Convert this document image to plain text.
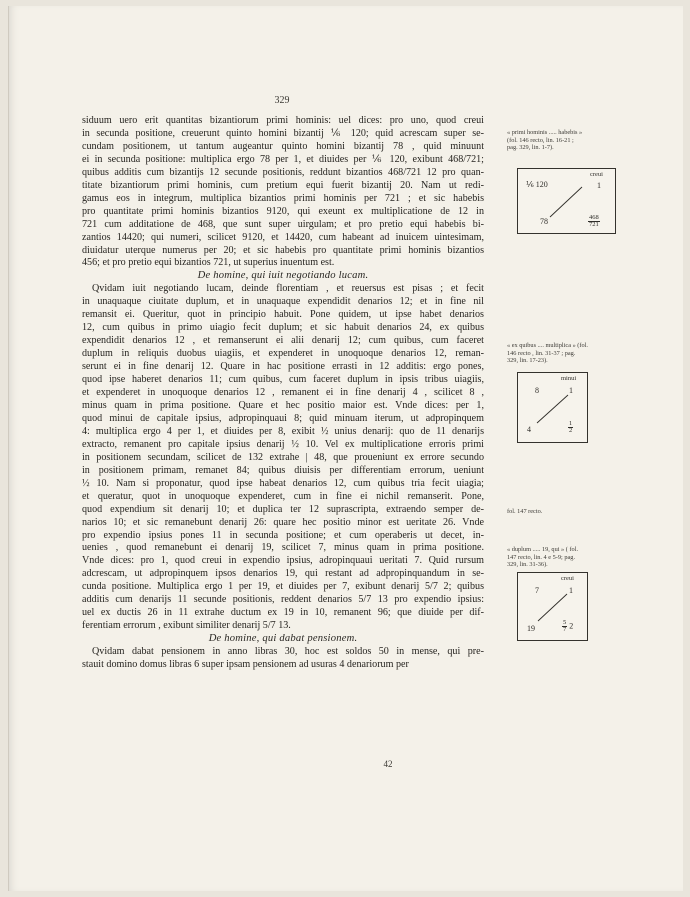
329
siduum uero erit quantitas bizantiorum primi hominis: uel dices: pro uno, quod creui
in secunda positione, creuerunt quinto homini bizantij ⅙ 120; quid acrescam super se-
cundam positionem, ut tantum augeantur quinto homini bizantij 78 , quid minuunt
ei in secunda positione: multiplica ergo 78 per 1, et diuides per ⅙ 120, exibunt 468/721;
quibus additis cum bizantijs 12 secunde positionis, reddunt bizantios 468/721 12 pro quan-
titate bizantiorum primi hominis, cum pretium equi fuerit bizantij 20. Nam ut redi-
gamus eos in integrum, multiplica bizantios primi hominis per 721 ; et sic habebis
pro quantitate primi hominis bizantios 9120, qui exeunt ex multiplicatione de 12 in
721 cum additatione de 468, que sunt super uirgulam; et pro pretio equi habebis bi-
zantios 14420; qui numeri, scilicet 9120, et 14420, cum habeant ad inuicem uintesimam,
diuidatur uterque numerus per 20; et sic habebis pro quantitate primi hominis bizantios
456; et pro pretio equi bizantios 721, ut superius inuentum est.
De homine, qui iuit negotiando lucam.
Qvidam iuit negotiando lucam, deinde florentiam , et reuersus est pisas ; et fecit
in unaquaque ciuitate duplum, et in unaquaque expendidit denarios 12; et in fine nil
remansit ei. Queritur, quot in principio habuit. Pone quidem, ut ipse habet denarios
12, cum quibus in primo uiagio fecit duplum; et sic habuit denarios 24, ex quibus
expendidit denarios 12 , et remanserunt ei alii denarij 12; cum quibus, cum faceret
duplum in reliquis duobus uiagiis, et expenderet in unoquoque denarios 12, reman-
serunt ei in fine denarij 12. Quare in hac positione errasti in 12 additis: ergo pones,
quod ipse haberet denarios 11; cum quibus, cum faceret duplum in ipsis tribus uiagiis,
et expenderet in unoquoque denarios 12 , remanent ei in fine denarij 4 , scilicet 8 ,
minus quam in prima positione. Quare et hec positio maior est. Vnde dices: per 1,
quod minui de capitale ipsius, adpropinquaui 8; quid minuam iterum, ut adpropinquem
4: multiplica ergo 4 per 1, et diuides per 8, exibit ½ unius denarij: quo de 11 denarijs
extracto, remanent pro capitale ipsius denarij ½ 10. Vel ex multiplicatione erroris primi
in positionem secundam, scilicet de 132 extrahe | 48, que proueniunt ex errore secundo
in positionem primam, remanet 84; quibus diuisis per differentiam errorum, ueniunt
½ 10. Nam si proponatur, quod ipse habeat denarios 12, cum quibus tria fecit uiagia;
et queratur, quot in unoquoque expenderet, cum in fine ei nichil remanserit. Pone,
quod expendium sit denarij 10; et duplica ter 12 suprascripta, extraendo semper de-
narios 10; et sic remanebunt denarij 26: quare hec positio minor est ueritate 26. Vnde
pro expendio ipsius pones 11 in secunda positione; et cum operaberis ut decet, in-
uenies , quod remanebunt ei denarij 19, scilicet 7, minus quam in prima positione.
Vnde dices: pro 1, quod creui in expendio ipsius, adropinquaui ueritati 7. Quid rursum
adcrescam, ut adpropinquem ipsos denarios 19, qui restant ad adpropinquandum in se-
cunda positione. Multiplica ergo 1 per 19, et diuides per 7, exibunt denarij 5/7 2; quibus
additis cum denarijs 11 secunde positionis, reddent denarios 5/7 13 pro expendio ipsius:
uel ex ductis 26 in 11 extrahe ductum ex 19 in 10, remanent 96; que diuide per dif-
ferentiam errorum , exibunt similiter denarij 5/7 13.
De homine, qui dabat pensionem.
Qvidam dabat pensionem in anno libras 30, hoc est soldos 50 in mense, qui pre-
stauit domino domus libras 6 super ipsam pensionem ad usuras 4 denariorum per
42
« primi hominis ..... habebis »
(fol. 146 recto, lin. 16-21 ;
pag. 329, lin. 1-7).
creui
⅙ 120	1
78	$\frac{468}{721}$
« ex quibus .... multiplica » (fol.
146 recto , lin. 31-37 ; pag.
329, lin. 17-23).
minui
8	1
4	$\frac{1}{2}$
fol. 147 recto.
« duplum ..... 19, qui » ( fol.
147 recto, lin. 4 e 5-9; pag.
329, lin. 31-36).
creui
7	1
19	$\frac{5}{7} 2$
